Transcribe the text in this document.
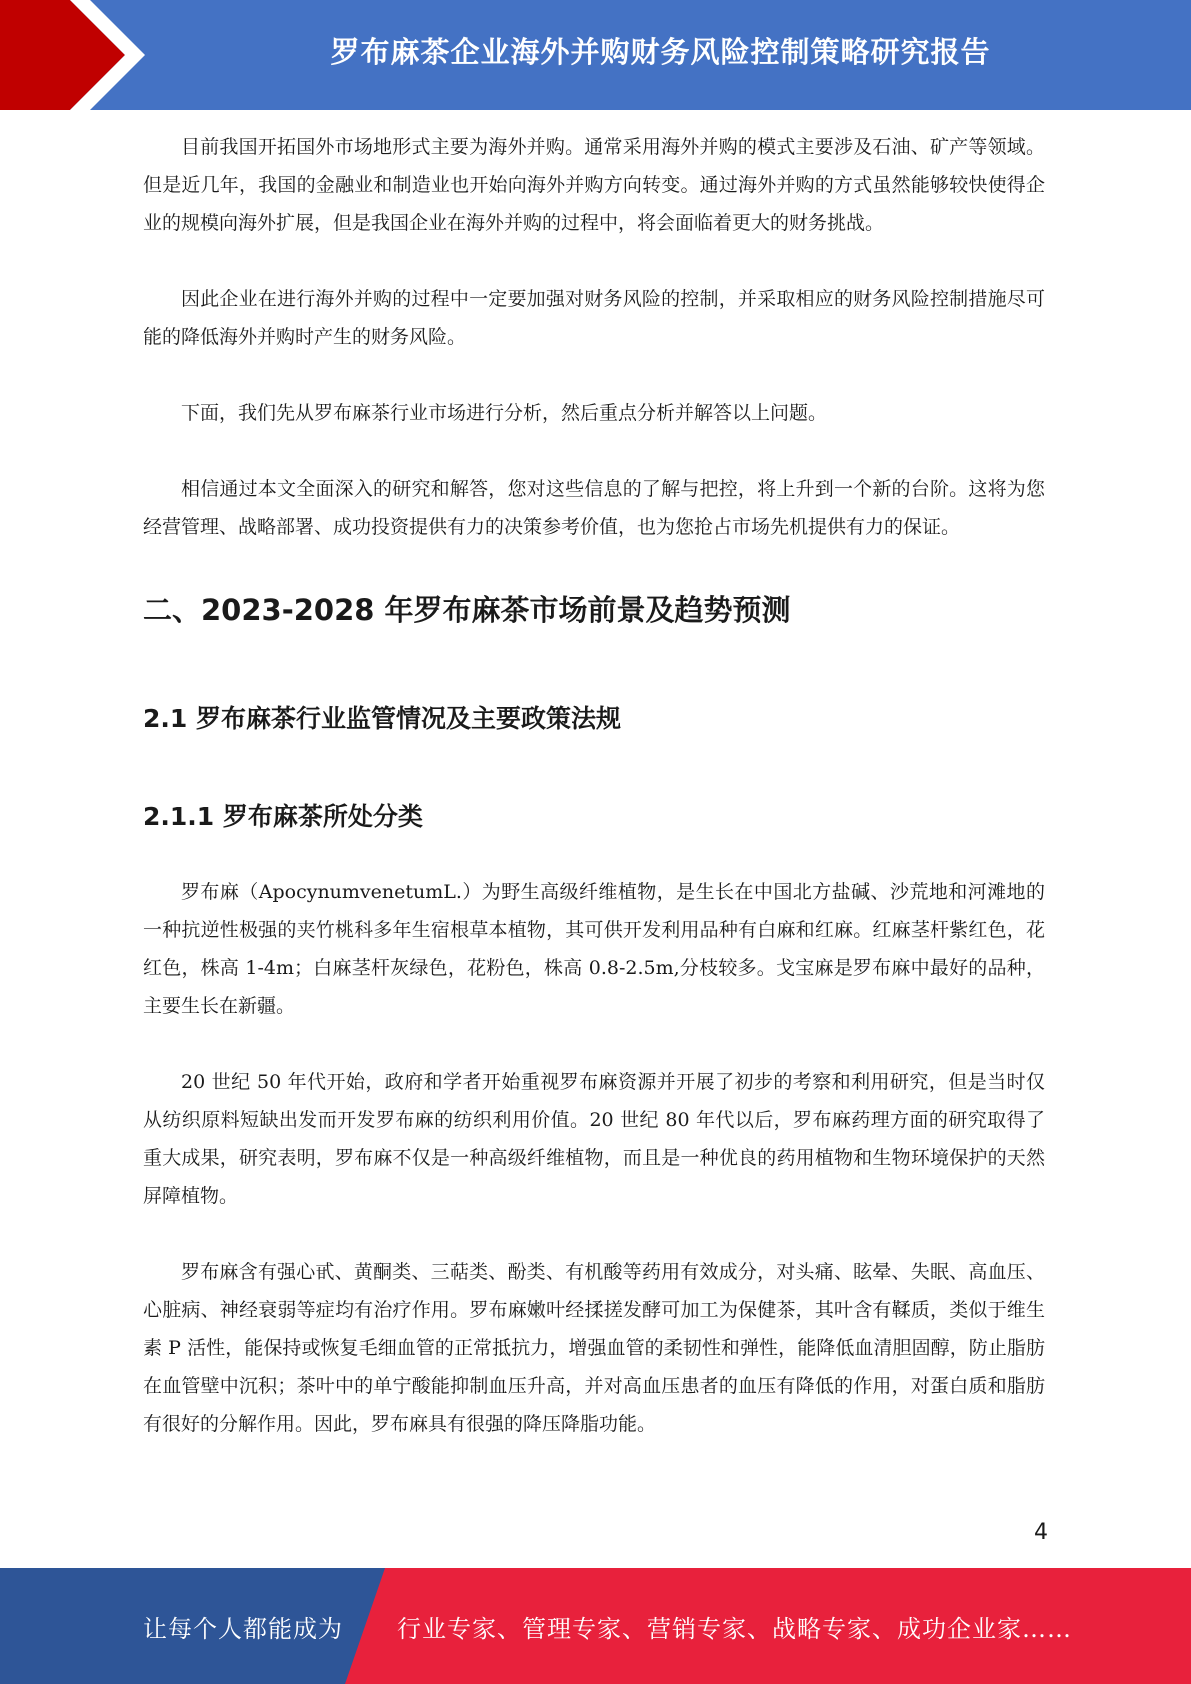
罗布麻茶企业海外并购财务风险控制策略研究报告

目前我国开拓国外市场地形式主要为海外并购。通常采用海外并购的模式主要涉及石油、矿产等领域。但是近几年，我国的金融业和制造业也开始向海外并购方向转变。通过海外并购的方式虽然能够较快使得企业的规模向海外扩展，但是我国企业在海外并购的过程中，将会面临着更大的财务挑战。

因此企业在进行海外并购的过程中一定要加强对财务风险的控制，并采取相应的财务风险控制措施尽可能的降低海外并购时产生的财务风险。

下面，我们先从罗布麻茶行业市场进行分析，然后重点分析并解答以上问题。

相信通过本文全面深入的研究和解答，您对这些信息的了解与把控，将上升到一个新的台阶。这将为您经营管理、战略部署、成功投资提供有力的决策参考价值，也为您抢占市场先机提供有力的保证。

二、2023-2028 年罗布麻茶市场前景及趋势预测
2.1 罗布麻茶行业监管情况及主要政策法规
2.1.1 罗布麻茶所处分类

罗布麻（ApocynumvenetumL.）为野生高级纤维植物，是生长在中国北方盐碱、沙荒地和河滩地的一种抗逆性极强的夹竹桃科多年生宿根草本植物，其可供开发利用品种有白麻和红麻。红麻茎杆紫红色，花红色，株高 1-4m；白麻茎杆灰绿色，花粉色，株高 0.8-2.5m,分枝较多。戈宝麻是罗布麻中最好的品种，主要生长在新疆。

20 世纪 50 年代开始，政府和学者开始重视罗布麻资源并开展了初步的考察和利用研究，但是当时仅从纺织原料短缺出发而开发罗布麻的纺织利用价值。20 世纪 80 年代以后，罗布麻药理方面的研究取得了重大成果，研究表明，罗布麻不仅是一种高级纤维植物，而且是一种优良的药用植物和生物环境保护的天然屏障植物。

罗布麻含有强心甙、黄酮类、三萜类、酚类、有机酸等药用有效成分，对头痛、眩晕、失眠、高血压、心脏病、神经衰弱等症均有治疗作用。罗布麻嫩叶经揉搓发酵可加工为保健茶，其叶含有鞣质，类似于维生素 P 活性，能保持或恢复毛细血管的正常抵抗力，增强血管的柔韧性和弹性，能降低血清胆固醇，防止脂肪在血管壁中沉积；茶叶中的单宁酸能抑制血压升高，并对高血压患者的血压有降低的作用，对蛋白质和脂肪有很好的分解作用。因此，罗布麻具有很强的降压降脂功能。

4
让每个人都能成为 行业专家、管理专家、营销专家、战略专家、成功企业家……
